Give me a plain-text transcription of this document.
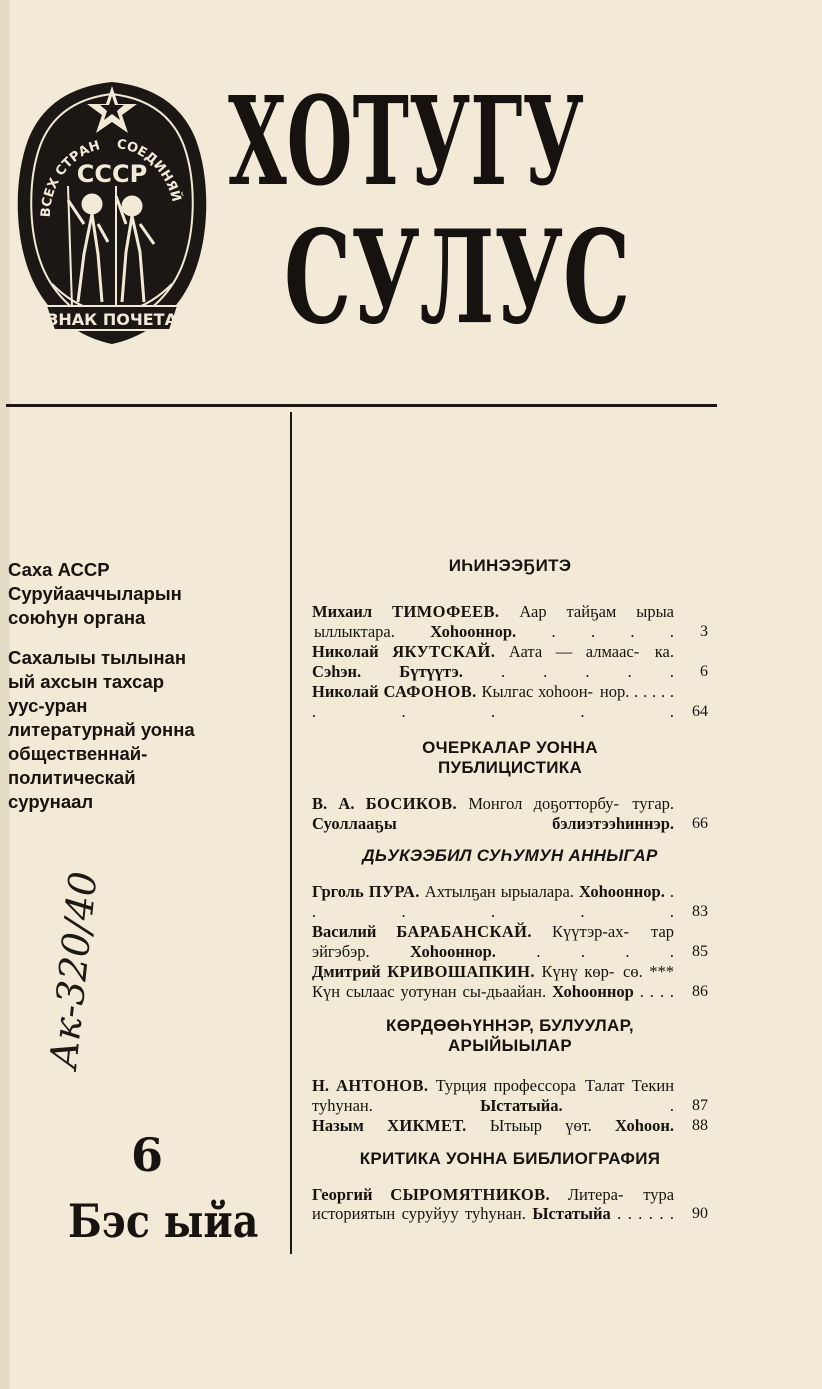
ВСЕХ СТРАН СОЕДИНЯЙ
СССР
ЗНАК ПОЧЕТА
ХОТУГУ
СУЛУС

Саха АССР

Суруйааччыларын

союһун органа

Сахалыы тылынан

ый ахсын тахсар

уус-уран

литературнай уонна

общественнай-

политическай

сурунаал

Ак-320/40
6
Бэс ыйа
ИҺИНЭЭҔИТЭ
Михаил ТИМОФЕЕВ. Аар тайҕам ырыа ыллыктара. Хоһооннор. . . . .	3
Николай ЯКУТСКАЙ. Аата — алмаас- ка. Сэһэн. Бүтүүтэ. . . . . .	6
Николай САФОНОВ. Кылгас хоһоон- нор. . . . . . . . . . .	64
ОЧЕРКАЛАР УОННА ПУБЛИЦИСТИКА
В. А. БОСИКОВ. Монгол доҕотторбу- тугар. Суоллааҕы бэлиэтээһиннэр.	66
ДЬУКЭЭБИЛ СУҺУМУН АННЫГАР
Грголь ПУРА. Ахтылҕан ырыалара. Хоһооннор. . . . . . .	83
Василий БАРАБАНСКАЙ. Күүтэр-ах- тар эйгэбэр. Хоһооннор. . . . .	85
Дмитрий КРИВОШАПКИН. Күнү көр- сө. *** Күн сылаас уотунан сы-дьаайан. Хоһооннор . . . .	86
КӨРДӨӨҺҮННЭР, БУЛУУЛАР, АРЫЙЫЫЛАР
Н. АНТОНОВ. Турция профессора Талат Текин туһунан.	Ыстатыйа.	.	87
Назым ХИКМЕТ. Ытыыр үөт. Хоһоон.	88
КРИТИКА УОННА БИБЛИОГРАФИЯ
Георгий СЫРОМЯТНИКОВ. Литера- тура историятын суруйуу туһунан. Ыстатыйа . . . . . .	90
